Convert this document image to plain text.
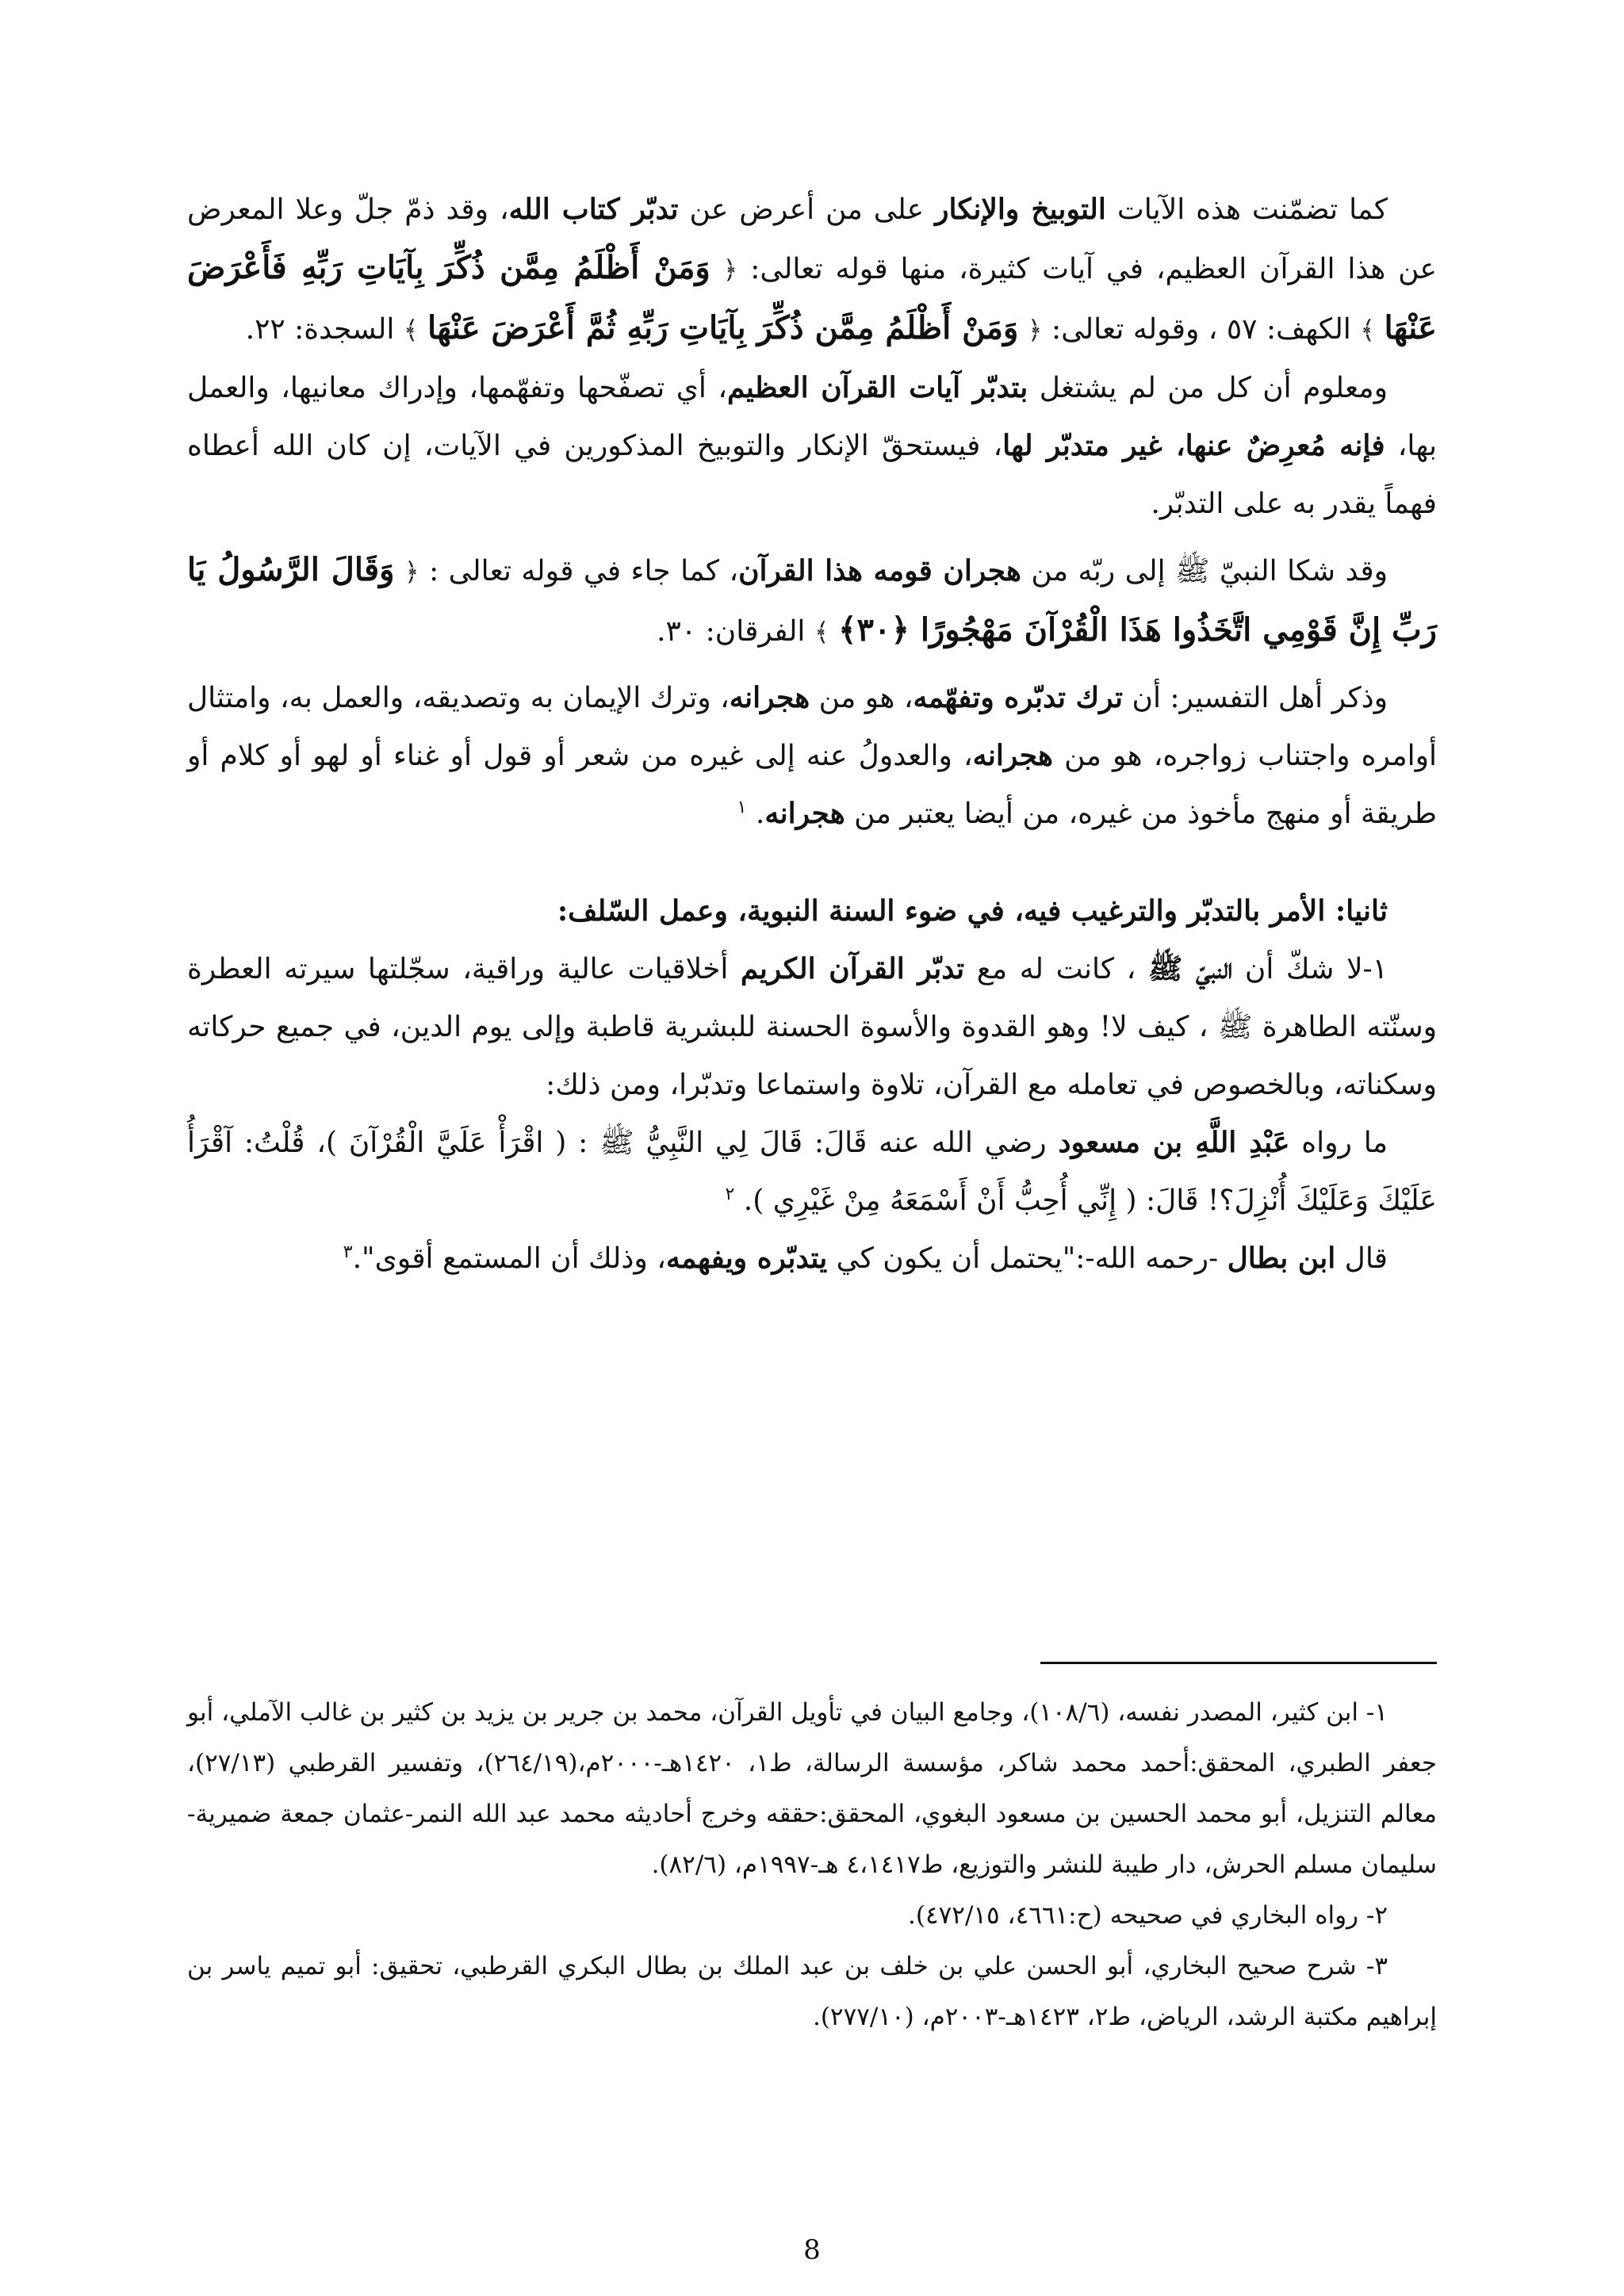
كما تضمّنت هذه الآيات التوبيخ والإنكار على من أعرض عن تدبّر كتاب الله، وقد ذمّ جلّ وعلا المعرض عن هذا القرآن العظيم، في آيات كثيرة، منها قوله تعالى: ﴿ وَمَنْ أَظْلَمُ مِمَّن ذُكِّرَ بِآيَاتِ رَبِّهِ فَأَعْرَضَ عَنْهَا ﴾ الكهف: ٥٧ ، وقوله تعالى: ﴿ وَمَنْ أَظْلَمُ مِمَّن ذُكِّرَ بِآيَاتِ رَبِّهِ ثُمَّ أَعْرَضَ عَنْهَا ﴾ السجدة: ٢٢.

ومعلوم أن كل من لم يشتغل بتدبّر آيات القرآن العظيم، أي تصفّحها وتفهّمها، وإدراك معانيها، والعمل بها، فإنه مُعرِضٌ عنها، غير متدبّر لها، فيستحقّ الإنكار والتوبيخ المذكورين في الآيات، إن كان الله أعطاه فهماً يقدر به على التدبّر.

وقد شكا النبيّ ﷺ إلى ربّه من هجران قومه هذا القرآن، كما جاء في قوله تعالى : ﴿ وَقَالَ الرَّسُولُ يَا رَبِّ إِنَّ قَوْمِي اتَّخَذُوا هَذَا الْقُرْآنَ مَهْجُورًا ﴿٣٠﴾ ﴾ الفرقان: ٣٠.

وذكر أهل التفسير: أن ترك تدبّره وتفهّمه، هو من هجرانه، وترك الإيمان به وتصديقه، والعمل به، وامتثال أوامره واجتناب زواجره، هو من هجرانه، والعدولُ عنه إلى غيره من شعر أو قول أو غناء أو لهو أو كلام أو طريقة أو منهج مأخوذ من غيره، من أيضا يعتبر من هجرانه. $^١$

ثانيا: الأمر بالتدبّر والترغيب فيه، في ضوء السنة النبوية، وعمل السّلف:

١-لا شكّ أن النبيّ ﷺ ، كانت له مع تدبّر القرآن الكريم أخلاقيات عالية وراقية، سجّلتها سيرته العطرة وسنّته الطاهرة ﷺ ، كيف لا! وهو القدوة والأسوة الحسنة للبشرية قاطبة وإلى يوم الدين، في جميع حركاته وسكناته، وبالخصوص في تعامله مع القرآن، تلاوة واستماعا وتدبّرا، ومن ذلك:

ما رواه عَبْدِ اللَّهِ بن مسعود رضي الله عنه قَالَ: قَالَ لِي النَّبِيُّ ﷺ : ( اقْرَأْ عَلَيَّ الْقُرْآنَ )، قُلْتُ: آقْرَأُ عَلَيْكَ وَعَلَيْكَ أُنْزِلَ؟! قَالَ: ( إِنِّي أُحِبُّ أَنْ أَسْمَعَهُ مِنْ غَيْرِي ). $^٢$

قال ابن بطال -رحمه الله-:"يحتمل أن يكون كي يتدبّره ويفهمه، وذلك أن المستمع أقوى".$^٣$

١- ابن كثير، المصدر نفسه، (١٠٨/٦)، وجامع البيان في تأويل القرآن، محمد بن جرير بن يزيد بن كثير بن غالب الآملي، أبو جعفر الطبري، المحقق:أحمد محمد شاكر، مؤسسة الرسالة، ط١، ١٤٢٠هـ-٢٠٠٠م،(٢٦٤/١٩)، وتفسير القرطبي (٢٧/١٣)، معالم التنزيل، أبو محمد الحسين بن مسعود البغوي، المحقق:حققه وخرج أحاديثه محمد عبد الله النمر-عثمان جمعة ضميرية-سليمان مسلم الحرش، دار طيبة للنشر والتوزيع، ط٤،١٤١٧ هـ-١٩٩٧م، (٨٢/٦).

٢- رواه البخاري في صحيحه (ح:٤٦٦١، ٤٧٢/١٥).

٣- شرح صحيح البخاري، أبو الحسن علي بن خلف بن عبد الملك بن بطال البكري القرطبي، تحقيق: أبو تميم ياسر بن إبراهيم مكتبة الرشد، الرياض، ط٢، ١٤٢٣هـ-٢٠٠٣م، (٢٧٧/١٠).

8
